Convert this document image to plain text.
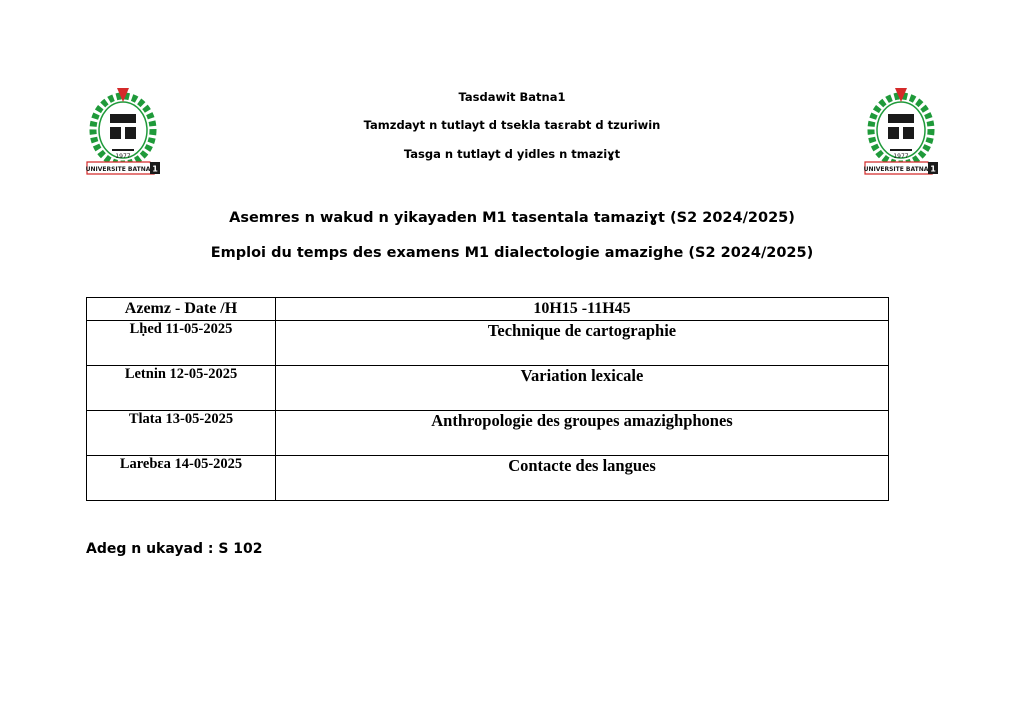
1977
UNIVERSITE BATNA 1
1977
UNIVERSITE BATNA 1
Tasdawit Batna1
Tamzdayt n tutlayt d tsekla taɛrabt d tzuriwin
Tasga n tutlayt d yidles n tmaziɣt
Asemres n wakud n yikayaden M1 tasentala tamaziɣt (S2 2024/2025)
Emploi du temps des examens M1 dialectologie amazighe (S2 2024/2025)
Azemz - Date /H	10H15 -11H45
Lḥed 11-05-2025	Technique de cartographie
Letnin 12-05-2025	Variation lexicale
Tlata 13-05-2025	Anthropologie des groupes amazighphones
Larebɛa 14-05-2025	Contacte des langues
Adeg n ukayad : S 102
